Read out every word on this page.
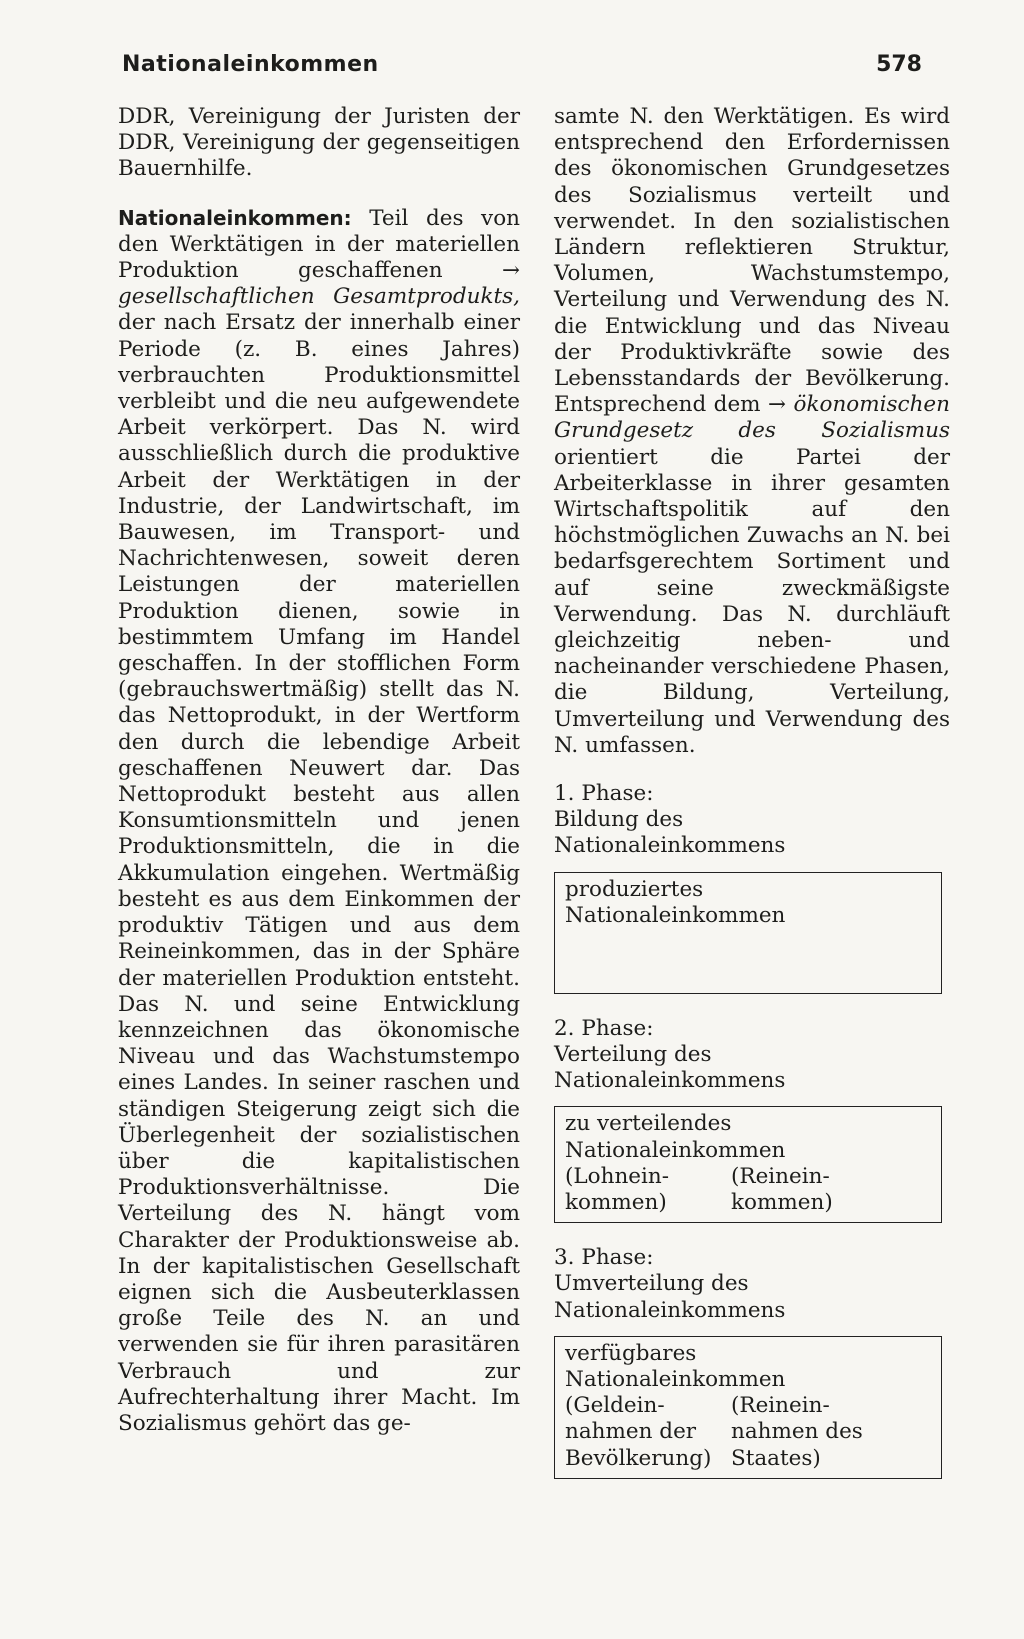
Nationaleinkommen	578

DDR, Vereinigung der Juristen der DDR, Vereinigung der gegenseitigen Bauernhilfe.

Nationaleinkommen: Teil des von den Werktätigen in der materiellen Produktion geschaffenen → gesellschaftlichen Gesamtprodukts, der nach Ersatz der innerhalb einer Periode (z. B. eines Jahres) verbrauchten Produktionsmittel verbleibt und die neu aufgewendete Arbeit verkörpert. Das N. wird ausschließlich durch die produktive Arbeit der Werktätigen in der Industrie, der Landwirtschaft, im Bauwesen, im Transport- und Nachrichtenwesen, soweit deren Leistungen der materiellen Produktion dienen, sowie in bestimmtem Umfang im Handel geschaffen. In der stofflichen Form (gebrauchswertmäßig) stellt das N. das Nettoprodukt, in der Wertform den durch die lebendige Arbeit geschaffenen Neuwert dar. Das Nettoprodukt besteht aus allen Konsumtionsmitteln und jenen Produktionsmitteln, die in die Akkumulation eingehen. Wertmäßig besteht es aus dem Einkommen der produktiv Tätigen und aus dem Reineinkommen, das in der Sphäre der materiellen Produktion entsteht. Das N. und seine Entwicklung kennzeichnen das ökonomische Niveau und das Wachstumstempo eines Landes. In seiner raschen und ständigen Steigerung zeigt sich die Überlegenheit der sozialistischen über die kapitalistischen Produktionsverhältnisse. Die Verteilung des N. hängt vom Charakter der Produktionsweise ab. In der kapitalistischen Gesellschaft eignen sich die Ausbeuterklassen große Teile des N. an und verwenden sie für ihren parasitären Verbrauch und zur Aufrechterhaltung ihrer Macht. Im Sozialismus gehört das ge-

samte N. den Werktätigen. Es wird entsprechend den Erfordernissen des ökonomischen Grundgesetzes des Sozialismus verteilt und verwendet. In den sozialistischen Ländern reflektieren Struktur, Volumen, Wachstumstempo, Verteilung und Verwendung des N. die Entwicklung und das Niveau der Produktivkräfte sowie des Lebensstandards der Bevölkerung. Entsprechend dem → ökonomischen Grundgesetz des Sozialismus orientiert die Partei der Arbeiterklasse in ihrer gesamten Wirtschaftspolitik auf den höchstmöglichen Zuwachs an N. bei bedarfsgerechtem Sortiment und auf seine zweckmäßigste Verwendung. Das N. durchläuft gleichzeitig neben- und nacheinander verschiedene Phasen, die Bildung, Verteilung, Umverteilung und Verwendung des N. umfassen.

1. Phase:
Bildung des
Nationaleinkommens
produziertes
Nationaleinkommen
2. Phase:
Verteilung des
Nationaleinkommens
zu verteilendes
Nationaleinkommen
(Lohnein-
kommen)
(Reinein-
kommen)
3. Phase:
Umverteilung des
Nationaleinkommens
verfügbares
Nationaleinkommen
(Geldein-
nahmen der
Bevölkerung)
(Reinein-
nahmen des
Staates)
